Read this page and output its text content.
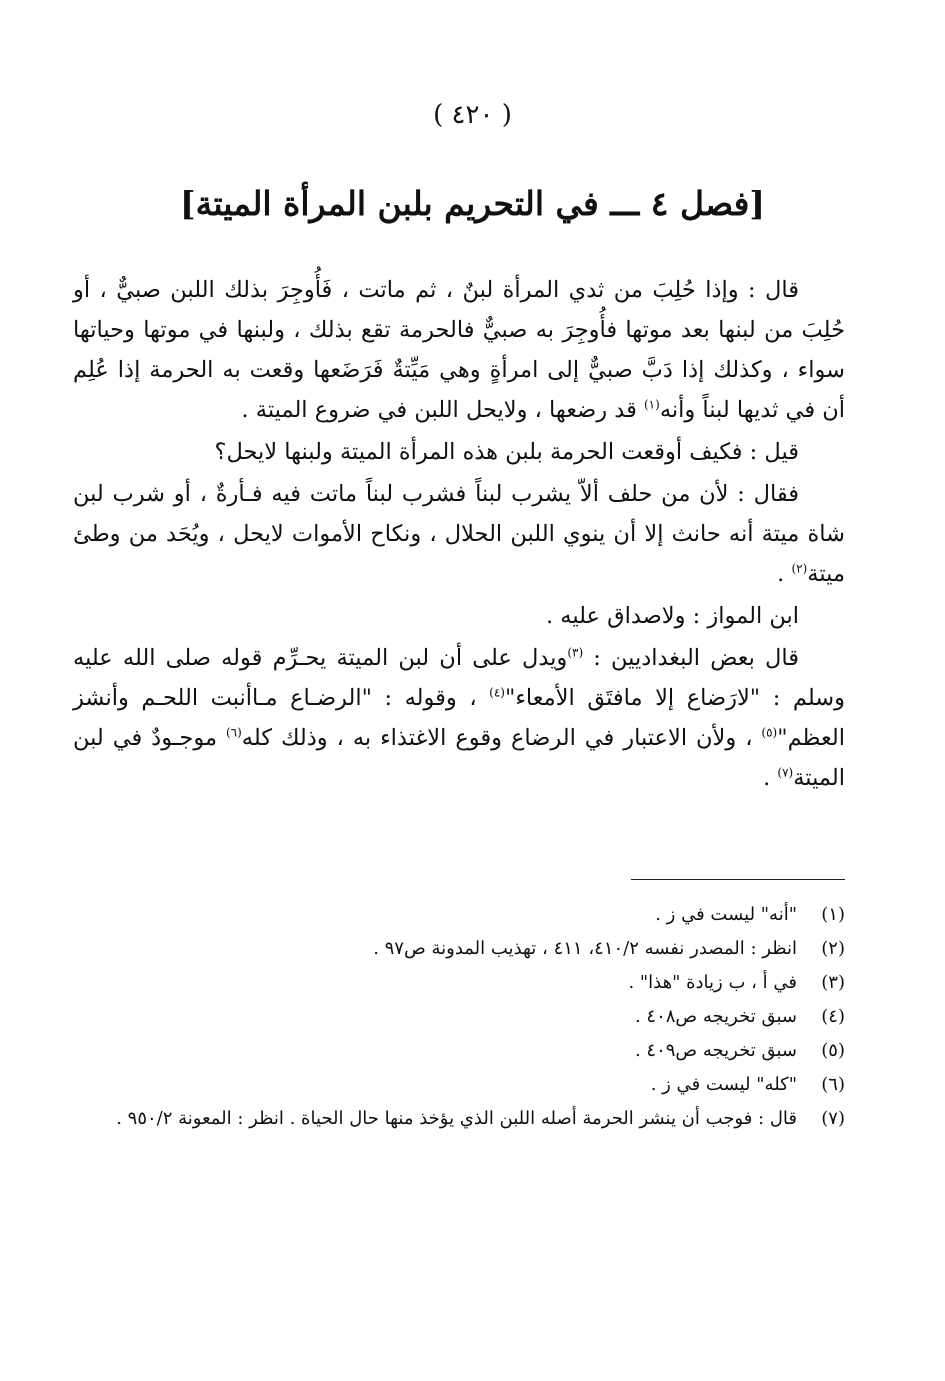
( ٤٢٠ )
[فصل ٤ ـــ في التحريم بلبن المرأة الميتة]

قال : وإذا حُلِبَ من ثدي المرأة لبنٌ ، ثم ماتت ، فَأُوجِرَ بذلك اللبن صبيٌّ ، أو حُلِبَ من لبنها بعد موتها فأُوجِرَ به صبيٌّ فالحرمة تقع بذلك ، ولبنها في موتها وحياتها سواء ، وكذلك إذا دَبَّ صبيٌّ إلى امرأةٍ وهي مَيِّتةٌ فَرَضَعها وقعت به الحرمة إذا عُلِم أن في ثديها لبناً وأنه$^{(١)}$ قد رضعها ، ولايحل اللبن في ضروع الميتة .

قيل : فكيف أوقعت الحرمة بلبن هذه المرأة الميتة ولبنها لايحل؟

فقال : لأن من حلف ألاّ يشرب لبناً فشرب لبناً ماتت فيه فـأرةٌ ، أو شرب لبن شاة ميتة أنه حانث إلا أن ينوي اللبن الحلال ، ونكاح الأموات لايحل ، ويُحَد من وطئ ميتة$^{(٢)}$ .

ابن المواز : ولاصداق عليه .

قال بعض البغداديين : $^{(٣)}$ويدل على أن لبن الميتة يحـرِّم قوله صلى الله عليه وسلم : "لارَضاع إلا مافتَق الأمعاء"$^{(٤)}$ ، وقوله : "الرضـاع مـاأنبت اللحـم وأنشز العظم"$^{(٥)}$ ، ولأن الاعتبار في الرضاع وقوع الاغتذاء به ، وذلك كله$^{(٦)}$ موجـودٌ في لبن الميتة$^{(٧)}$ .

(١)
"أنه" ليست في ز .
(٢)
انظر : المصدر نفسه ٤١٠/٢، ٤١١ ، تهذيب المدونة ص٩٧ .
(٣)
في أ ، ب زيادة "هذا" .
(٤)
سبق تخريجه ص٤٠٨ .
(٥)
سبق تخريجه ص٤٠٩ .
(٦)
"كله" ليست في ز .
(٧)
قال : فوجب أن ينشر الحرمة أصله اللبن الذي يؤخذ منها حال الحياة . انظر : المعونة ٩٥٠/٢ .
